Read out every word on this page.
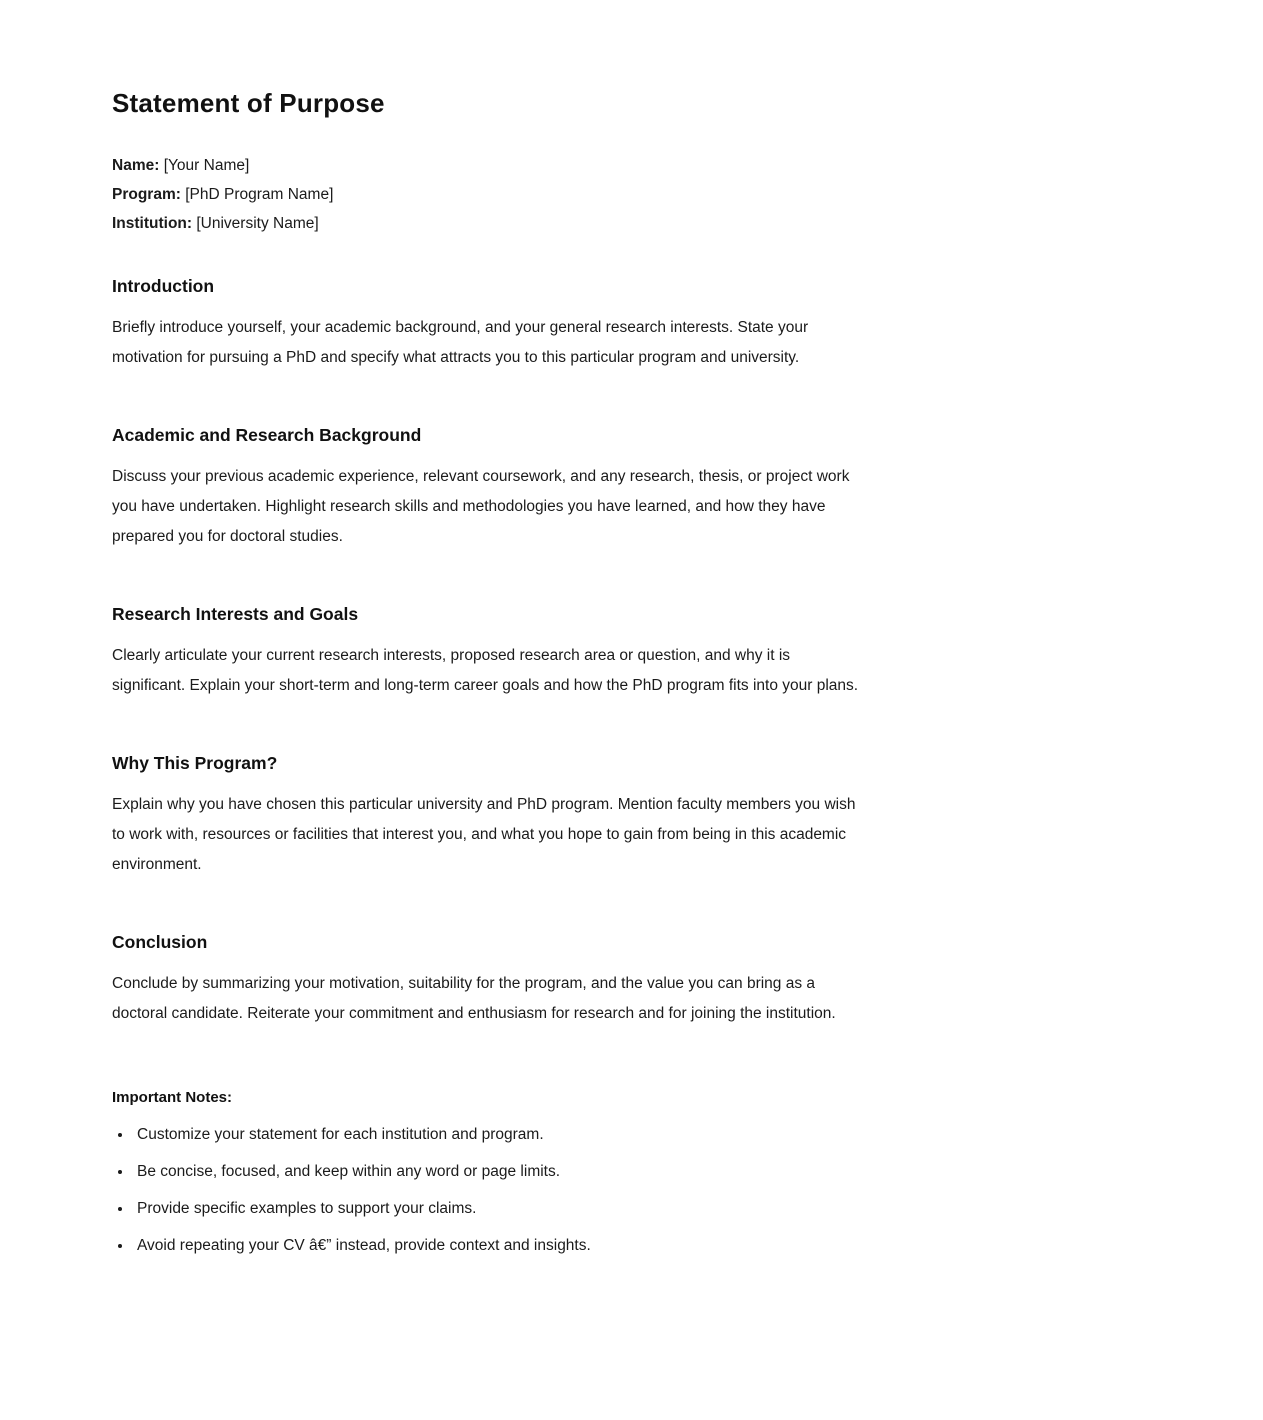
Statement of Purpose
Name: [Your Name]
Program: [PhD Program Name]
Institution: [University Name]
Introduction

Briefly introduce yourself, your academic background, and your general research interests. State your motivation for pursuing a PhD and specify what attracts you to this particular program and university.

Academic and Research Background

Discuss your previous academic experience, relevant coursework, and any research, thesis, or project work you have undertaken. Highlight research skills and methodologies you have learned, and how they have prepared you for doctoral studies.

Research Interests and Goals

Clearly articulate your current research interests, proposed research area or question, and why it is significant. Explain your short-term and long-term career goals and how the PhD program fits into your plans.

Why This Program?

Explain why you have chosen this particular university and PhD program. Mention faculty members you wish to work with, resources or facilities that interest you, and what you hope to gain from being in this academic environment.

Conclusion

Conclude by summarizing your motivation, suitability for the program, and the value you can bring as a doctoral candidate. Reiterate your commitment and enthusiasm for research and for joining the institution.

Important Notes:
• Customize your statement for each institution and program.
• Be concise, focused, and keep within any word or page limits.
• Provide specific examples to support your claims.
• Avoid repeating your CV â€” instead, provide context and insights.
